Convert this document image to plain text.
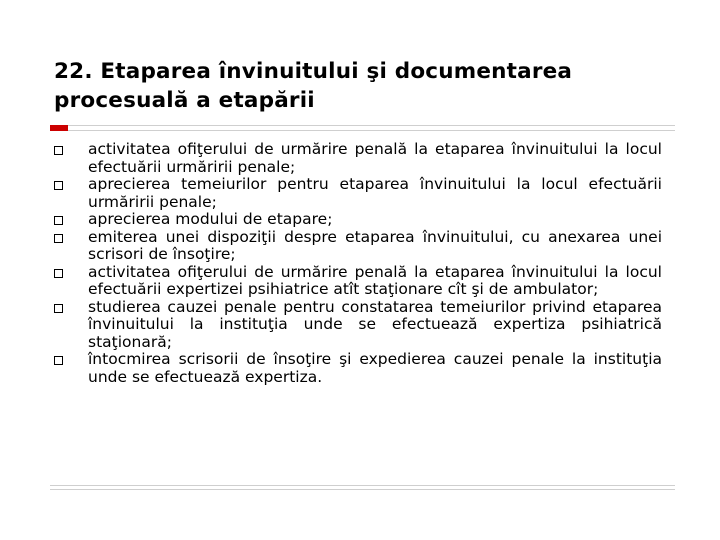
22. Etaparea învinuitului şi documentarea procesuală a etapării
activitatea ofiţerului de urmărire penală la etaparea învinuitului la locul efectuării urmăririi penale;
aprecierea temeiurilor pentru etaparea învinuitului la locul efectuării urmăririi penale;
aprecierea modului de etapare;
emiterea unei dispoziţii despre etaparea învinuitului, cu anexarea unei scrisori de însoţire;
activitatea ofiţerului de urmărire penală la etaparea învinuitului la locul efectuării expertizei psihiatrice atît staţionare cît şi de ambulator;
studierea cauzei penale pentru constatarea temeiurilor privind etaparea învinuitului la instituţia unde se efectuează expertiza psihiatrică staţionară;
întocmirea scrisorii de însoţire şi expedierea cauzei penale la instituţia unde se efectuează expertiza.
